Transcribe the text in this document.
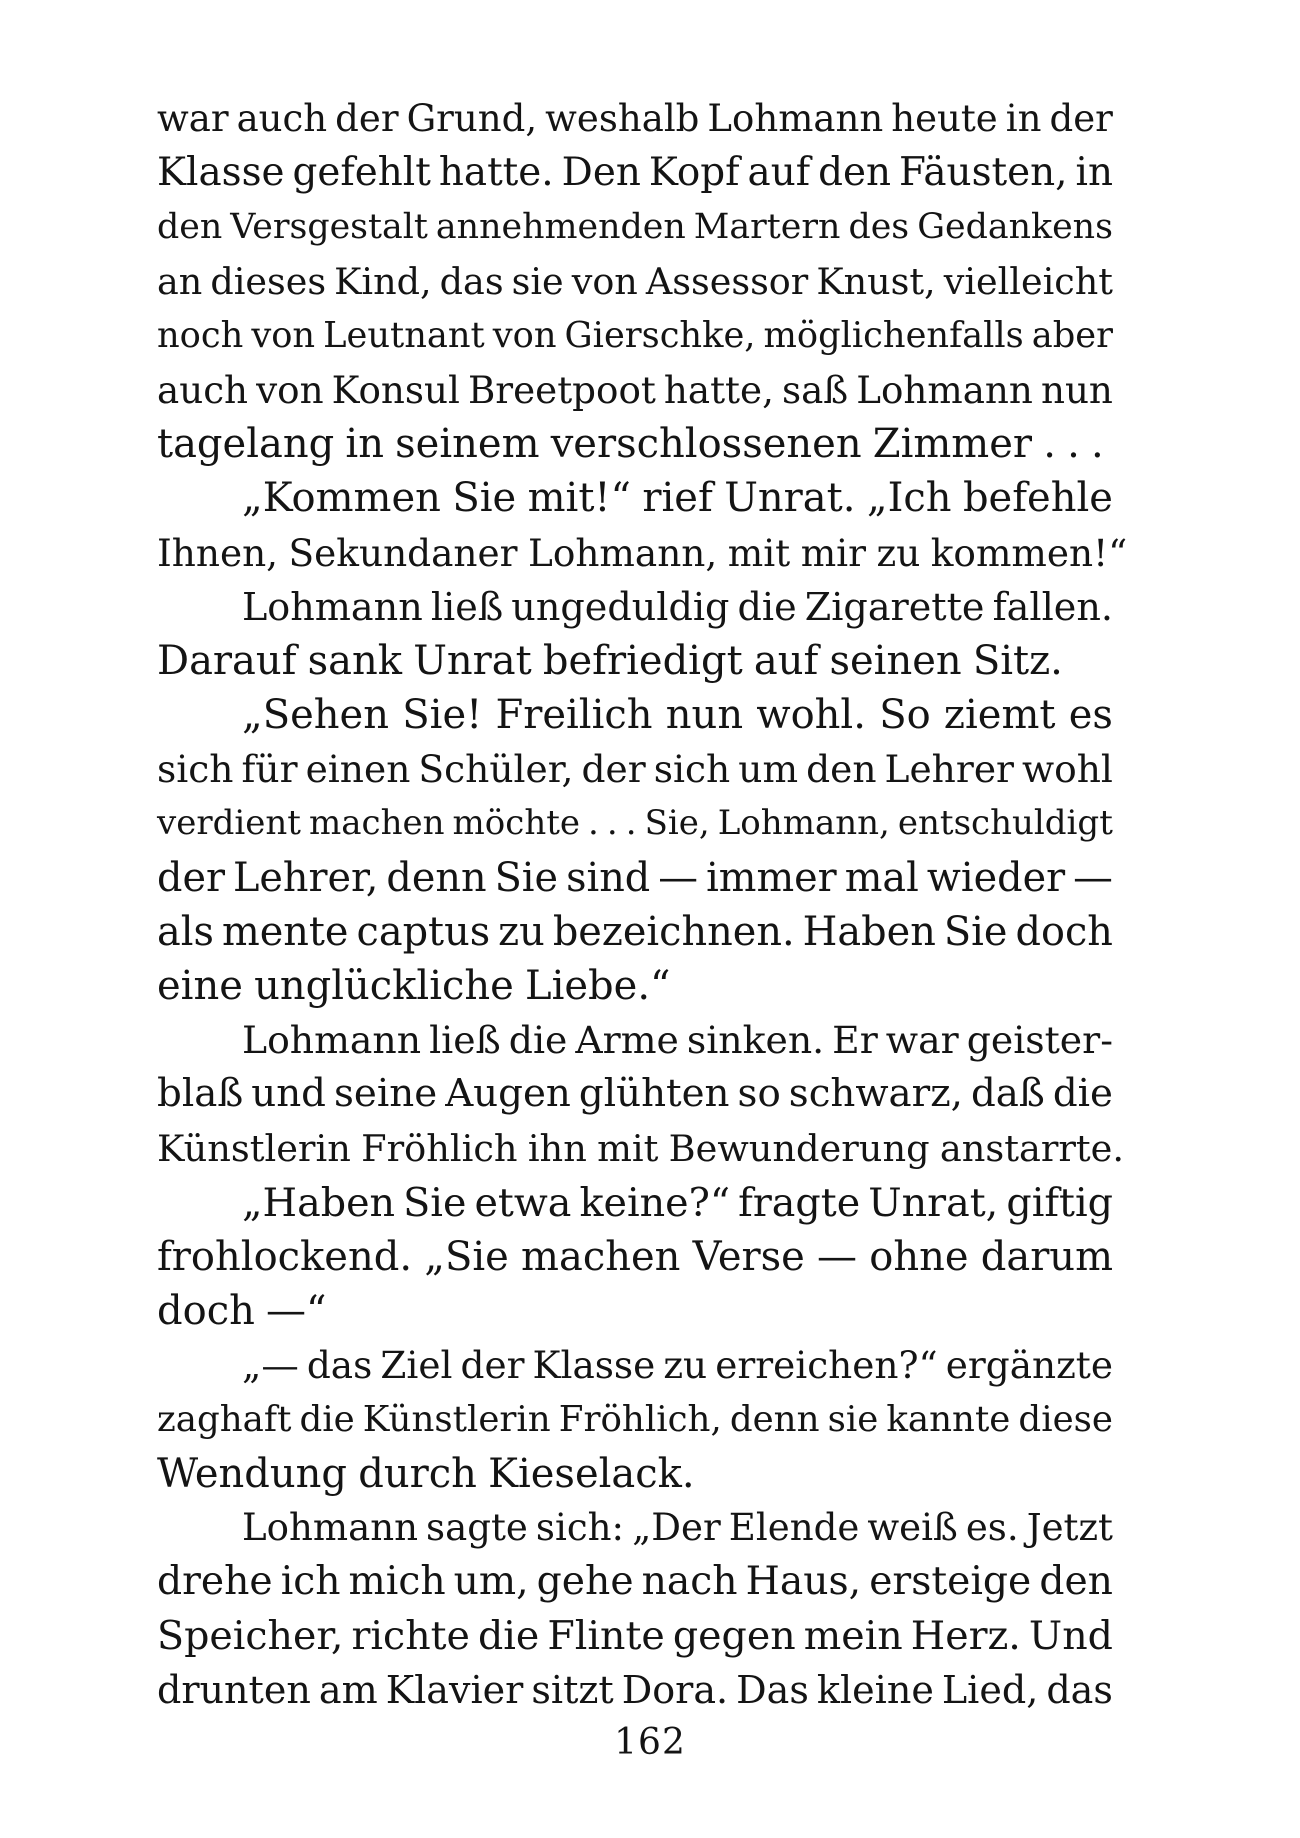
war auch der Grund, weshalb Lohmann heute in der
Klasse gefehlt hatte. Den Kopf auf den Fäusten, in
den Versgestalt annehmenden Martern des Gedankens
an dieses Kind, das sie von Assessor Knust, vielleicht
noch von Leutnant von Gierschke, möglichenfalls aber
auch von Konsul Breetpoot hatte, saß Lohmann nun
tagelang in seinem verschlossenen Zimmer . . .
„Kommen Sie mit!“ rief Unrat. „Ich befehle
Ihnen, Sekundaner Lohmann, mit mir zu kommen!“
Lohmann ließ ungeduldig die Zigarette fallen.
Darauf sank Unrat befriedigt auf seinen Sitz.
„Sehen Sie! Freilich nun wohl. So ziemt es
sich für einen Schüler, der sich um den Lehrer wohl
verdient machen möchte . . . Sie, Lohmann, entschuldigt
der Lehrer, denn Sie sind — immer mal wieder —
als mente captus zu bezeichnen. Haben Sie doch
eine unglückliche Liebe.“
Lohmann ließ die Arme sinken. Er war geister-
blaß und seine Augen glühten so schwarz, daß die
Künstlerin Fröhlich ihn mit Bewunderung anstarrte.
„Haben Sie etwa keine?“ fragte Unrat, giftig
frohlockend. „Sie machen Verse — ohne darum
doch —“
„— das Ziel der Klasse zu erreichen?“ ergänzte
zaghaft die Künstlerin Fröhlich, denn sie kannte diese
Wendung durch Kieselack.
Lohmann sagte sich: „Der Elende weiß es. Jetzt
drehe ich mich um, gehe nach Haus, ersteige den
Speicher, richte die Flinte gegen mein Herz. Und
drunten am Klavier sitzt Dora. Das kleine Lied, das
162
